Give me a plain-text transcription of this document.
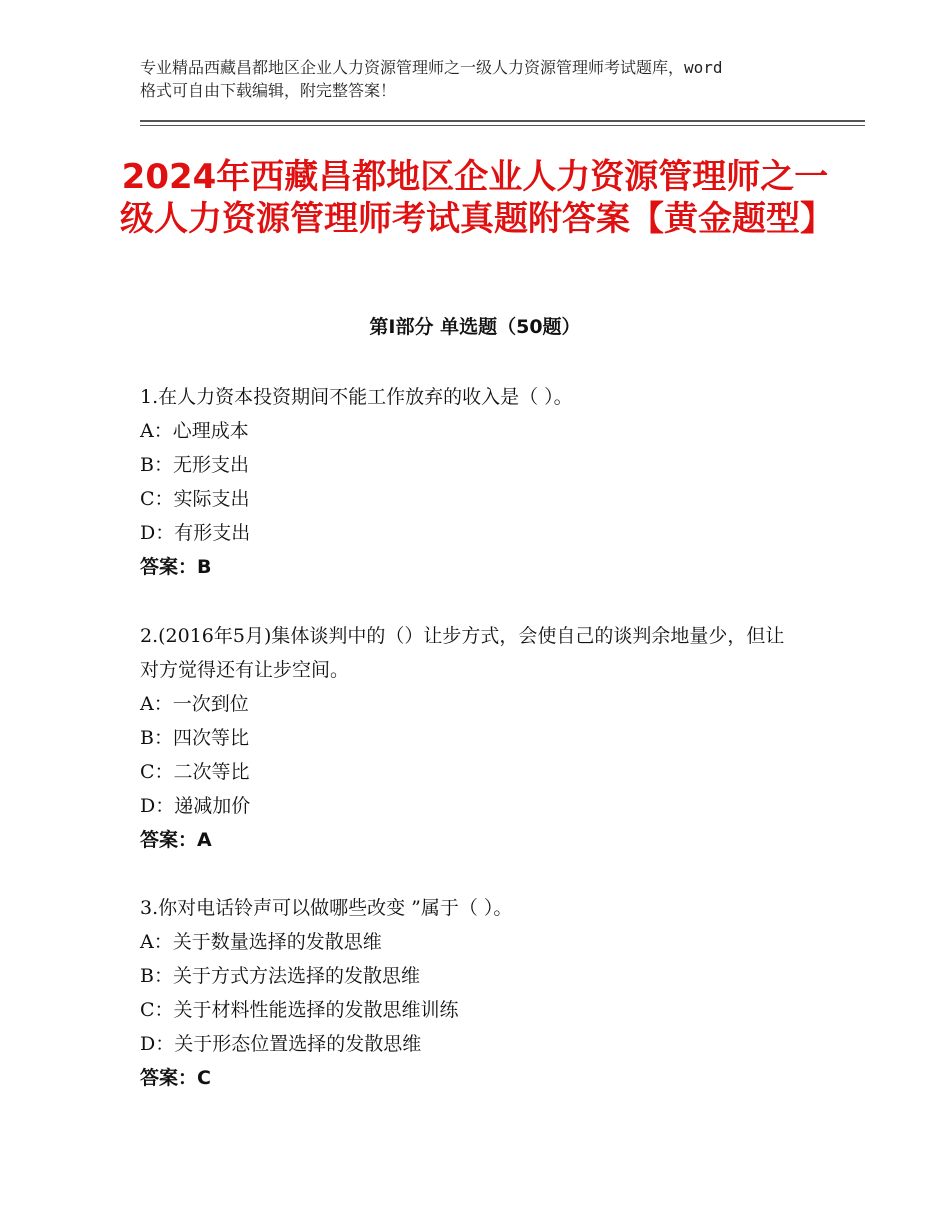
专业精品西藏昌都地区企业人力资源管理师之一级人力资源管理师考试题库，word
格式可自由下载编辑，附完整答案！
2024年西藏昌都地区企业人力资源管理师之一级人力资源管理师考试真题附答案【黄金题型】
第Ⅰ部分 单选题（50题）
1.在人力资本投资期间不能工作放弃的收入是（ ）。
A：心理成本
B：无形支出
C：实际支出
D：有形支出
答案：B
2.(2016年5月)集体谈判中的（）让步方式，会使自己的谈判余地量少，但让对方觉得还有让步空间。
A：一次到位
B：四次等比
C：二次等比
D：递减加价
答案：A
3.你对电话铃声可以做哪些改变 ”属于（ ）。
A：关于数量选择的发散思维
B：关于方式方法选择的发散思维
C：关于材料性能选择的发散思维训练
D：关于形态位置选择的发散思维
答案：C
